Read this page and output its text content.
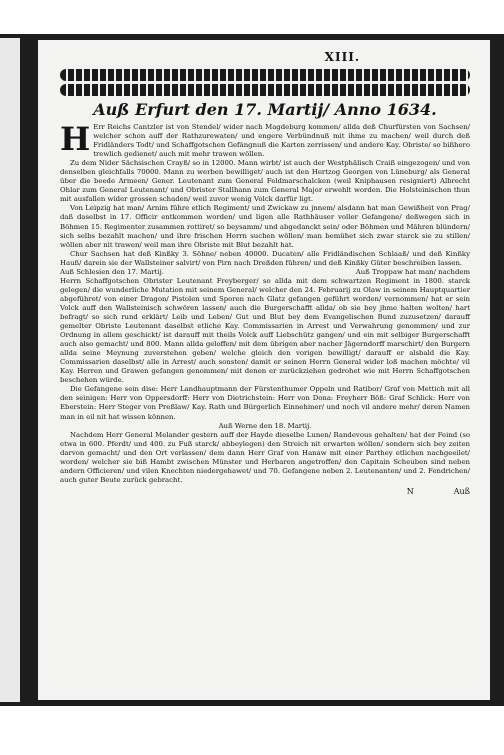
XIII.
Auß Erfurt den 17. Martij/ Anno 1634.

H Err Reichs Cantzler ist von Stendel/ wider nach Magdeburg kommen/ allda deß Churfürsten von Sachsen/ welcher schon auff der Rathzurewaten/ und engere Verbündnuß mit ihme zu machen/ weil durch deß Fridländers Todt/ und Schaffgotschen Gefängnuß die Karten zerrissen/ und andere Kay. Obriste/ so bißhero trewlich gedienet/ auch mit mehr trawen wöllen.

Zu dem Nider Sächsischen Crayß/ so in 12000. Mann wirbt/ ist auch der Westphälisch Craiß eingezogen/ und von denselben gleichfalls 70000. Mann zu werben bewilliget/ auch ist den Hertzog Georgen von Lüneburg/ als General über die beede Armeen/ Gener. Leutenant zum General Feldmarschalcken (weil Kniphausen resigniert) Albrecht Ohlar zum General Leutenant/ und Obrister Stallhann zum General Major erwehlt worden. Die Holsteinischen thun mit ausfallen wider grossen schaden/ weil zuvor wenig Volck darfür ligt.

Von Leipzig hat man/ Arnim führe etlich Regiment/ und Zwickaw zu jnnem/ alsdann hat man Gewißheit von Prag/ daß daselbst in 17. Officir entkommen worden/ und ligen alle Rathhäuser voller Gefangene/ deßwegen sich in Böhmen 15. Regimenter zusammen rottiret/ so beysamm/ und abgedanckt sein/ oder Böhmen und Mähren blündern/ sich selbs bezahlt machen/ und ihre frischen Herrn suchen wöllen/ man bemühet sich zwar starck sie zu stillen/ wöllen aber nit trawen/ weil man ihre Obriste mit Blut bezahlt hat.

Chur Sachsen hat deß Kinßky 3. Söhne/ neben 40000. Ducaten/ alle Fridländischen Schlaaß/ und deß Kinßky Hauß/ darein sie der Wallsteiner salvirt/ von Pirn nach Dreßden führen/ und deß Kinßky Güter beschreiben lassen.

Auß Schlesien den 17. Martij.	Auß Troppaw hat man/ nachdem

Herrn Schaffgotschen Obrister Leutenant Freyberger/ so allda mit dem schwartzen Regiment in 1800. starck gelegen/ die wunderliche Mutation mit seinem General/ welcher den 24. Februarij zu Olaw in seinem Hauptquartier abgeführet/ von einer Dragon/ Pistolen und Sporen nach Glatz gefangen geführt worden/ vernommen/ hat er sein Volck auff den Wallsteinisch schwören lassen/ auch die Burgerschafft allda/ ob sie bey jhme halten wolten/ hart befragt/ so sich rund erklärt/ Leib und Leben/ Gut und Blut bey dem Evangelischen Bund zuzusetzen/ darauff gemelter Obriste Leutenant daselbst etliche Kay. Commissarien in Arrest und Verwahrung genommen/ und zur Ordnung in allem geschickt/ ist darauff mit theils Volck auff Liebschütz gangen/ und ein mit selbiger Burgerschafft auch also gemacht/ und 800. Mann allda geloffen/ mit dem übrigen aber nacher Jägerndorff marschirt/ den Burgern allda seine Meynung zuverstehen geben/ welche gleich den vorigen bewilligt/ darauff er alsbald die Kay. Commissarien daselbst/ alle in Arrest/ auch sonsten/ damit er seinen Herrn General wider loß machen möchte/ vil Kay. Herren und Grawen gefangen genommen/ mit denen er zurückziehen gedrohet wie mit Herrn Schaffgotschen beschehen würde.

Die Gefangene sein dise: Herr Landhauptmann der Fürstenthumer Oppeln und Ratibor/ Graf von Mettich mit all den seinigen: Herr von Oppersdorff: Herr von Dietrichstein: Herr von Dona: Freyherr Böß: Graf Schlick: Herr von Eberstein: Herr Steger von Preßlaw/ Kay. Rath und Bürgerlich Einnehmer/ und noch vil andere mehr/ deren Namen man in eil nit hat wissen können.

Auß Werne den 18. Martij.

Nachdem Herr General Melander gestern auff der Hayde dieselbe Lunen/ Randevous gehalten/ hat der Feind (so etwa in 600. Pferdt/ und 400. zu Fuß starck/ abbeylegen) den Streich nit erwarten wöllen/ sondern sich bey zeiten darvon gemacht/ und den Ort verlassen/ dem dann Herr Graf von Hanaw mit einer Parthey etlichen nachgeeilet/ worden/ welcher sie biß Hambt zwischen Münster und Herbaren angetroffen/ den Capitain Scheuben sind neben andern Officieren/ und vilen Knechten niedergehawet/ und 70. Gefangene neben 2. Leutenanten/ und 2. Fendrichen/ auch guter Beute zurück gebracht.

N	Auß
